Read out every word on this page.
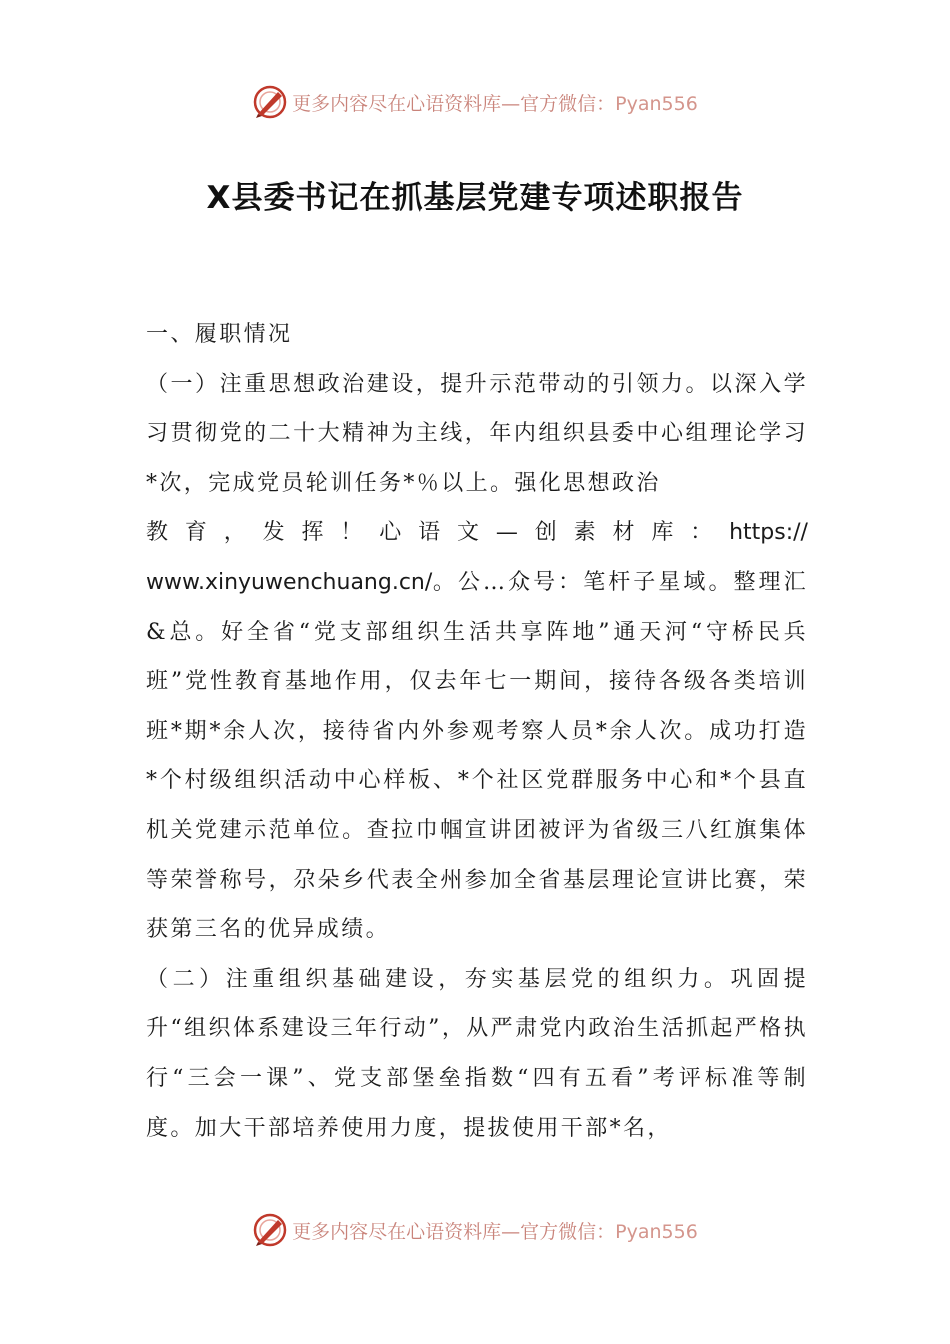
更多内容尽在心语资料库—官方微信：Pyan556
X县委书记在抓基层党建专项述职报告

一、履职情况

（一）注重思想政治建设，提升示范带动的引领力。以深入学习贯彻党的二十大精神为主线，年内组织县委中心组理论学习*次，完成党员轮训任务*％以上。强化思想政治

教 育 ， 发 挥 ！ 心 语 文 — 创 素 材 库 ： https://

www.xinyuwenchuang.cn/。公…众号：笔杆子星域。整理汇&总。好全省“党支部组织生活共享阵地”通天河“守桥民兵班”党性教育基地作用，仅去年七一期间，接待各级各类培训班*期*余人次，接待省内外参观考察人员*余人次。成功打造*个村级组织活动中心样板、*个社区党群服务中心和*个县直机关党建示范单位。查拉巾帼宣讲团被评为省级三八红旗集体等荣誉称号，尕朵乡代表全州参加全省基层理论宣讲比赛，荣获第三名的优异成绩。

（二）注重组织基础建设，夯实基层党的组织力。巩固提升“组织体系建设三年行动”，从严肃党内政治生活抓起严格执行“三会一课”、党支部堡垒指数“四有五看”考评标准等制度。加大干部培养使用力度，提拔使用干部*名，

更多内容尽在心语资料库—官方微信：Pyan556
